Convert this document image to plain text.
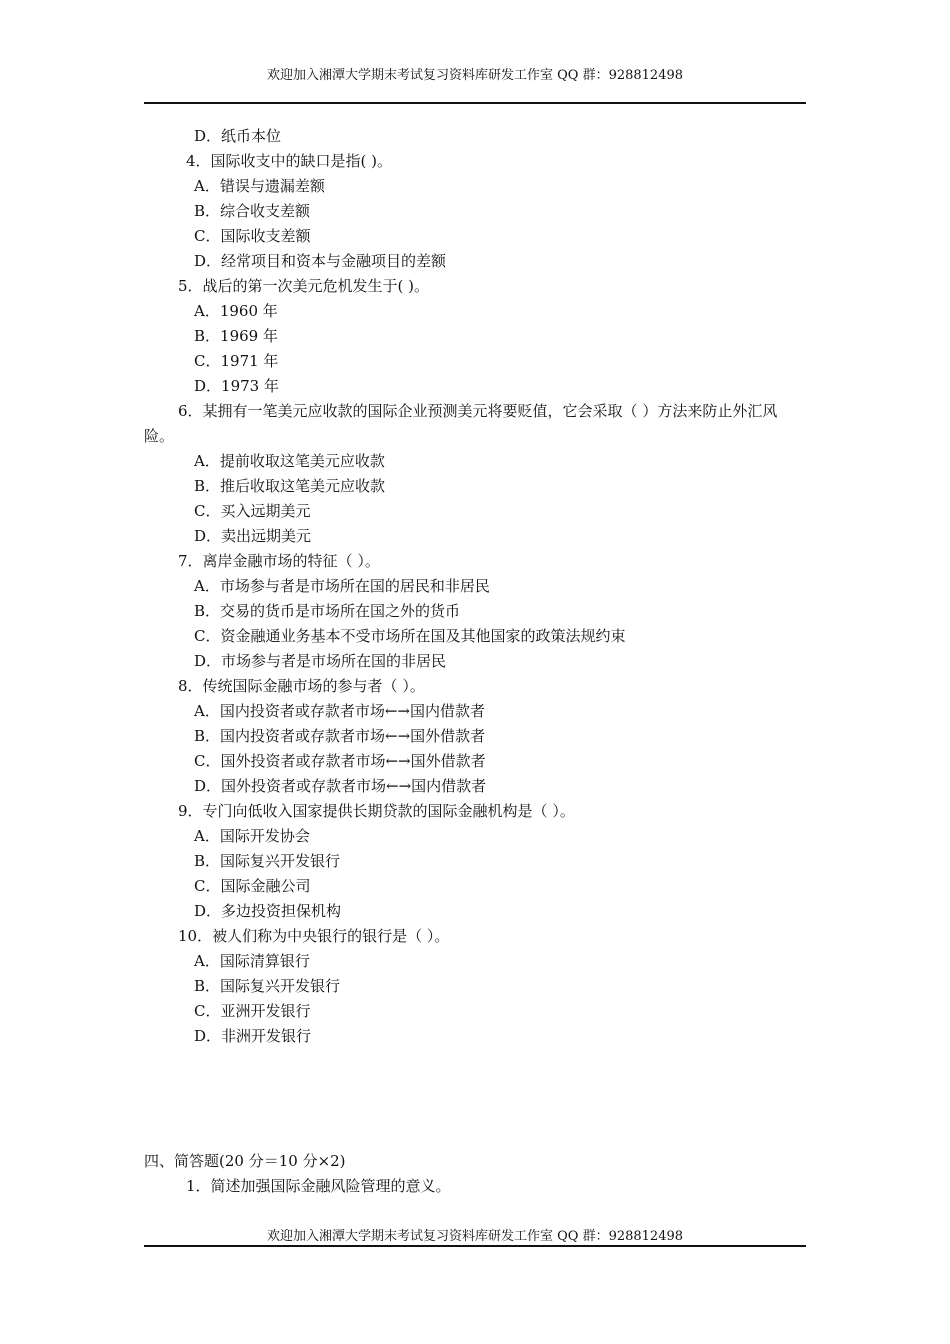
欢迎加入湘潭大学期末考试复习资料库研发工作室 QQ 群：928812498
D．纸币本位
4．国际收支中的缺口是指( )。
A．错误与遗漏差额
B．综合收支差额
C．国际收支差额
D．经常项目和资本与金融项目的差额
5．战后的第一次美元危机发生于( )。
A．1960 年
B．1969 年
C．1971 年
D．1973 年
6．某拥有一笔美元应收款的国际企业预测美元将要贬值，它会采取（ ）方法来防止外汇风险。
A．提前收取这笔美元应收款
B．推后收取这笔美元应收款
C．买入远期美元
D．卖出远期美元
7．离岸金融市场的特征（ ）。
A．市场参与者是市场所在国的居民和非居民
B．交易的货币是市场所在国之外的货币
C．资金融通业务基本不受市场所在国及其他国家的政策法规约束
D．市场参与者是市场所在国的非居民
8．传统国际金融市场的参与者（ ）。
A．国内投资者或存款者市场←→国内借款者
B．国内投资者或存款者市场←→国外借款者
C．国外投资者或存款者市场←→国外借款者
D．国外投资者或存款者市场←→国内借款者
9．专门向低收入国家提供长期贷款的国际金融机构是（ ）。
A．国际开发协会
B．国际复兴开发银行
C．国际金融公司
D．多边投资担保机构
10．被人们称为中央银行的银行是（ ）。
A．国际清算银行
B．国际复兴开发银行
C．亚洲开发银行
D．非洲开发银行
四、简答题(20 分＝10 分×2)
1．简述加强国际金融风险管理的意义。
欢迎加入湘潭大学期末考试复习资料库研发工作室 QQ 群：928812498
